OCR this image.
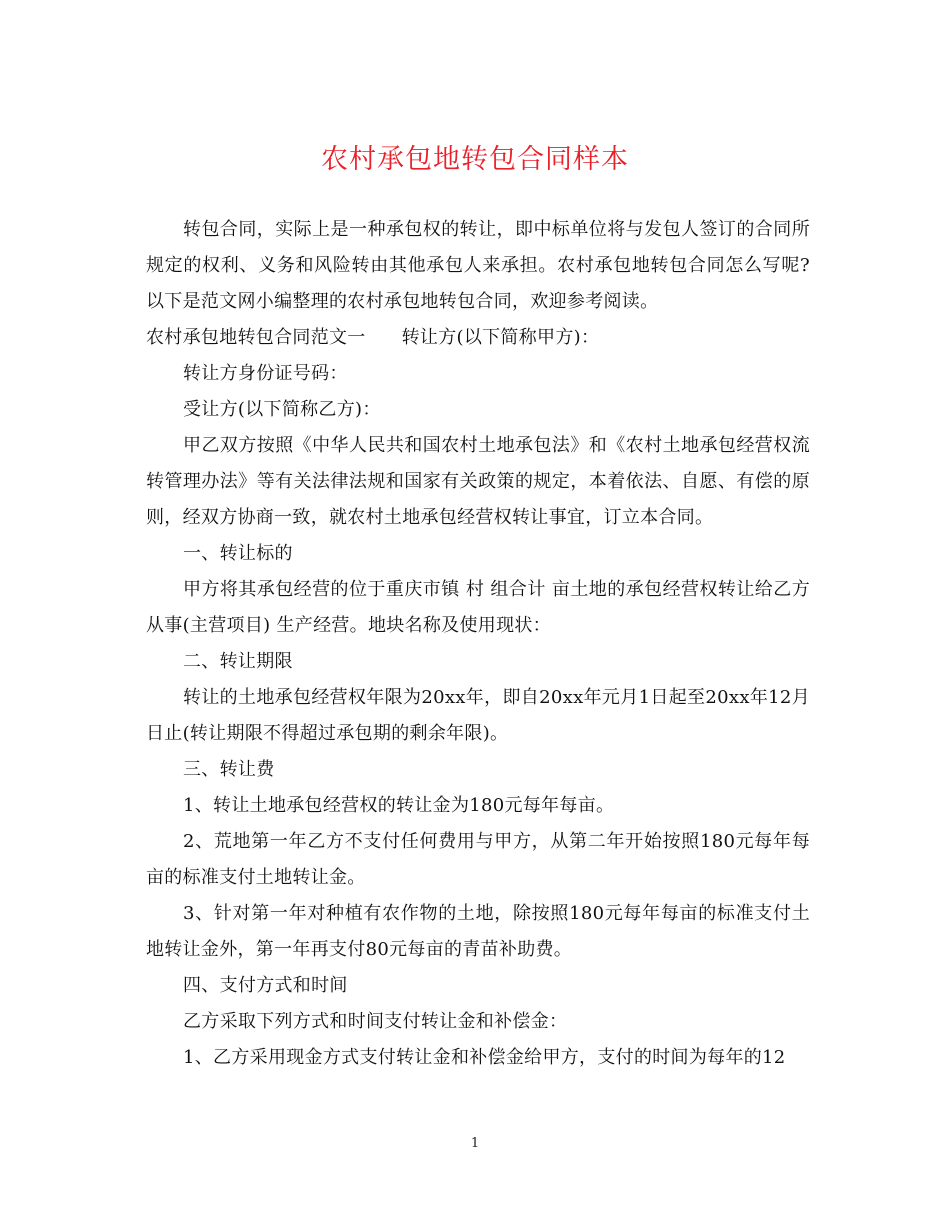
农村承包地转包合同样本

转包合同，实际上是一种承包权的转让，即中标单位将与发包人签订的合同所规定的权利、义务和风险转由其他承包人来承担。农村承包地转包合同怎么写呢?以下是范文网小编整理的农村承包地转包合同，欢迎参考阅读。

农村承包地转包合同范文一 转让方(以下简称甲方)：

转让方身份证号码：

受让方(以下简称乙方)：

甲乙双方按照《中华人民共和国农村土地承包法》和《农村土地承包经营权流转管理办法》等有关法律法规和国家有关政策的规定，本着依法、自愿、有偿的原则，经双方协商一致，就农村土地承包经营权转让事宜，订立本合同。

一、转让标的

甲方将其承包经营的位于重庆市镇 村 组合计 亩土地的承包经营权转让给乙方从事(主营项目) 生产经营。地块名称及使用现状：

二、转让期限

转让的土地承包经营权年限为20xx年，即自20xx年元月1日起至20xx年12月 日止(转让期限不得超过承包期的剩余年限)。

三、转让费

1、转让土地承包经营权的转让金为180元每年每亩。

2、荒地第一年乙方不支付任何费用与甲方，从第二年开始按照180元每年每亩的标准支付土地转让金。

3、针对第一年对种植有农作物的土地，除按照180元每年每亩的标准支付土地转让金外，第一年再支付80元每亩的青苗补助费。

四、支付方式和时间

乙方采取下列方式和时间支付转让金和补偿金：

1、乙方采用现金方式支付转让金和补偿金给甲方，支付的时间为每年的12

1
